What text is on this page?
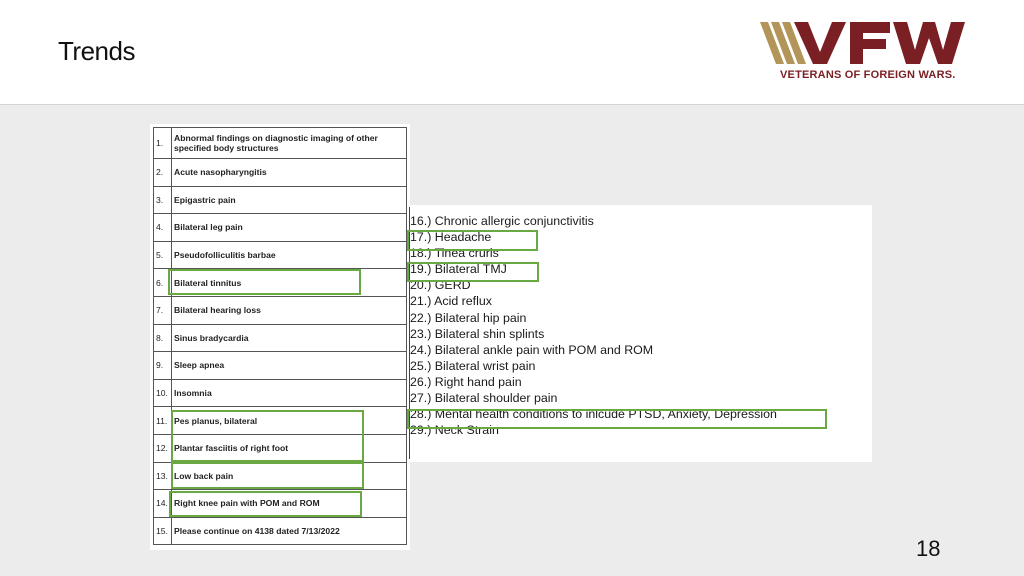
Trends
VETERANS OF FOREIGN WARS.
1.	Abnormal findings on diagnostic imaging of other specified body structures
2.	Acute nasopharyngitis
3.	Epigastric pain
4.	Bilateral leg pain
5.	Pseudofolliculitis barbae
6.	Bilateral tinnitus
7.	Bilateral hearing loss
8.	Sinus bradycardia
9.	Sleep apnea
10.	Insomnia
11.	Pes planus, bilateral
12.	Plantar fasciitis of right foot
13.	Low back pain
14.	Right knee pain with POM and ROM
15.	Please continue on 4138 dated 7/13/2022
16.) Chronic allergic conjunctivitis
17.) Headache
18.) Tinea cruris
19.) Bilateral TMJ
20.) GERD
21.) Acid reflux
22.) Bilateral hip pain
23.) Bilateral shin splints
24.) Bilateral ankle pain with POM and ROM
25.) Bilateral wrist pain
26.) Right hand pain
27.) Bilateral shoulder pain
28.) Mental health conditions to inlcude PTSD, Anxiety, Depression
29.) Neck Strain
18
